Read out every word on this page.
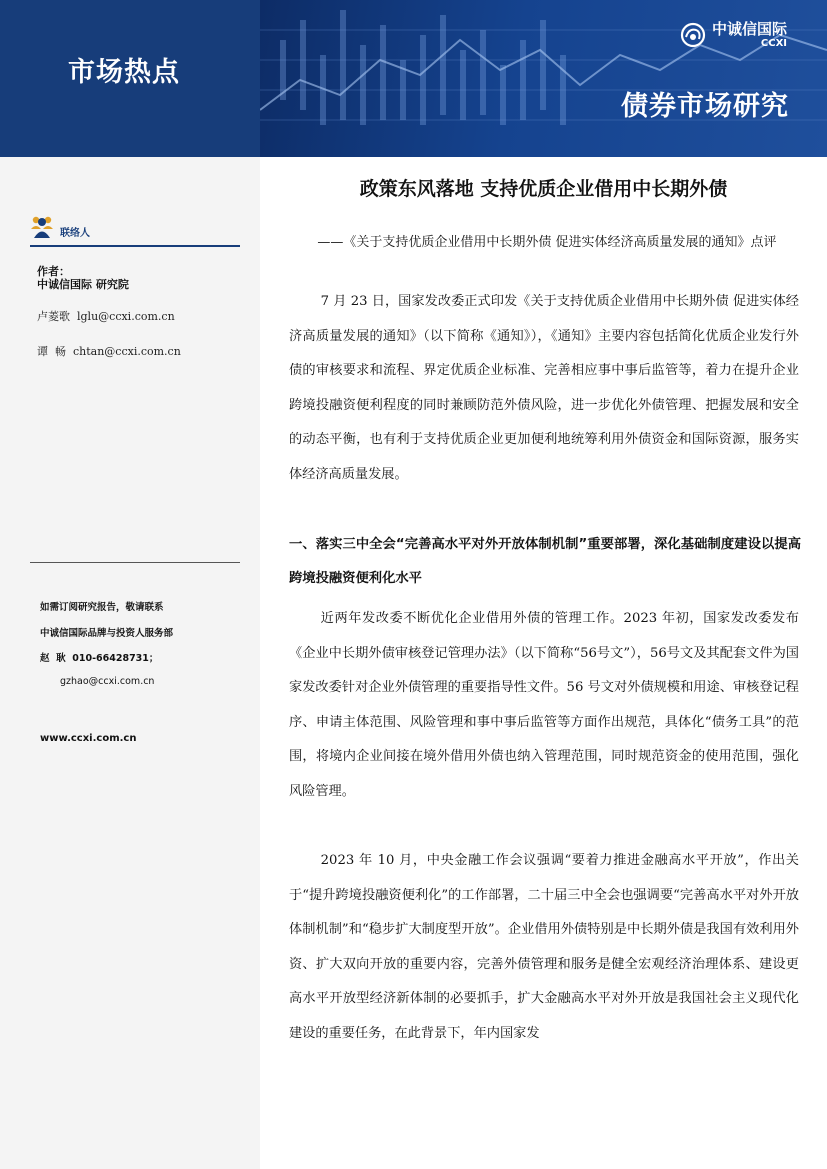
市场热点
中诚信国际
CCXI
债券市场研究
联络人
作者：
中诚信国际 研究院
卢菱歌 lglu@ccxi.com.cn
谭  畅 chtan@ccxi.com.cn
如需订阅研究报告，敬请联系
中诚信国际品牌与投资人服务部
赵  耿 010-66428731；
gzhao@ccxi.com.cn
www.ccxi.com.cn
政策东风落地 支持优质企业借用中长期外债
——《关于支持优质企业借用中长期外债 促进实体经济高质量发展的通知》点评

7 月 23 日，国家发改委正式印发《关于支持优质企业借用中长期外债 促进实体经济高质量发展的通知》（以下简称《通知》），《通知》主要内容包括简化优质企业发行外债的审核要求和流程、界定优质企业标准、完善相应事中事后监管等，着力在提升企业跨境投融资便利程度的同时兼顾防范外债风险，进一步优化外债管理、把握发展和安全的动态平衡，也有利于支持优质企业更加便利地统筹利用外债资金和国际资源，服务实体经济高质量发展。

一、落实三中全会“完善高水平对外开放体制机制”重要部署，深化基础制度建设以提高跨境投融资便利化水平

近两年发改委不断优化企业借用外债的管理工作。2023 年初，国家发改委发布《企业中长期外债审核登记管理办法》（以下简称“56号文”），56号文及其配套文件为国家发改委针对企业外债管理的重要指导性文件。56 号文对外债规模和用途、审核登记程序、申请主体范围、风险管理和事中事后监管等方面作出规范，具体化“债务工具”的范围，将境内企业间接在境外借用外债也纳入管理范围，同时规范资金的使用范围，强化风险管理。

2023 年 10 月，中央金融工作会议强调“要着力推进金融高水平开放”，作出关于“提升跨境投融资便利化”的工作部署，二十届三中全会也强调要“完善高水平对外开放体制机制”和“稳步扩大制度型开放”。企业借用外债特别是中长期外债是我国有效利用外资、扩大双向开放的重要内容，完善外债管理和服务是健全宏观经济治理体系、建设更高水平开放型经济新体制的必要抓手，扩大金融高水平对外开放是我国社会主义现代化建设的重要任务，在此背景下，年内国家发
